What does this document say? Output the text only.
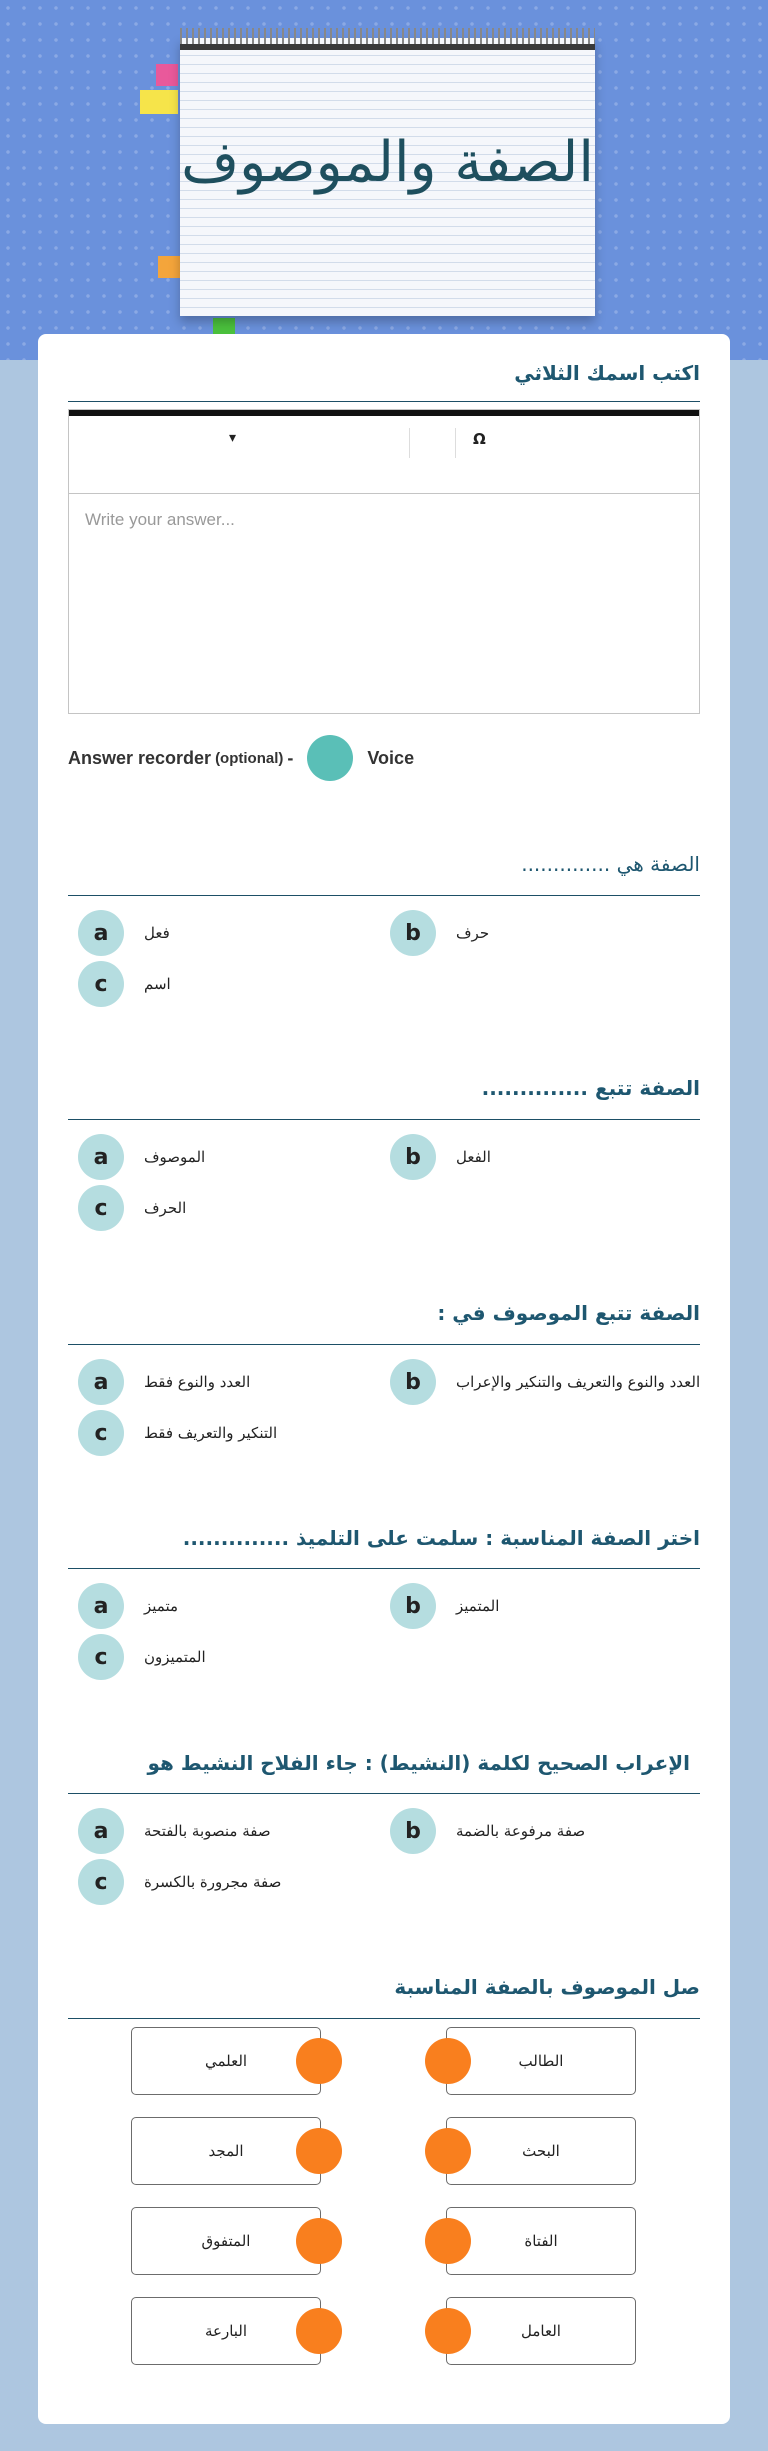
الصفة والموصوف
اكتب اسمك الثلاثي
▾	Ω
Write your answer...
Answer recorder (optional) -	Voice
الصفة هي ..............
a	فعل	b	حرف
c	اسم
الصفة تتبع ..............
a	الموصوف	b	الفعل
c	الحرف
الصفة تتبع الموصوف في :
a	العدد والنوع فقط	b	العدد والنوع والتعريف والتنكير والإعراب
c	التنكير والتعريف فقط
اختر الصفة المناسبة : سلمت على التلميذ ..............
a	متميز	b	المتميز
c	المتميزون
الإعراب الصحيح لكلمة (النشيط) : جاء الفلاح النشيط هو
a	صفة منصوبة بالفتحة	b	صفة مرفوعة بالضمة
c	صفة مجرورة بالكسرة
صل الموصوف بالصفة المناسبة
العلمي	الطالب
المجد	البحث
المتفوق	الفتاة
البارعة	العامل
